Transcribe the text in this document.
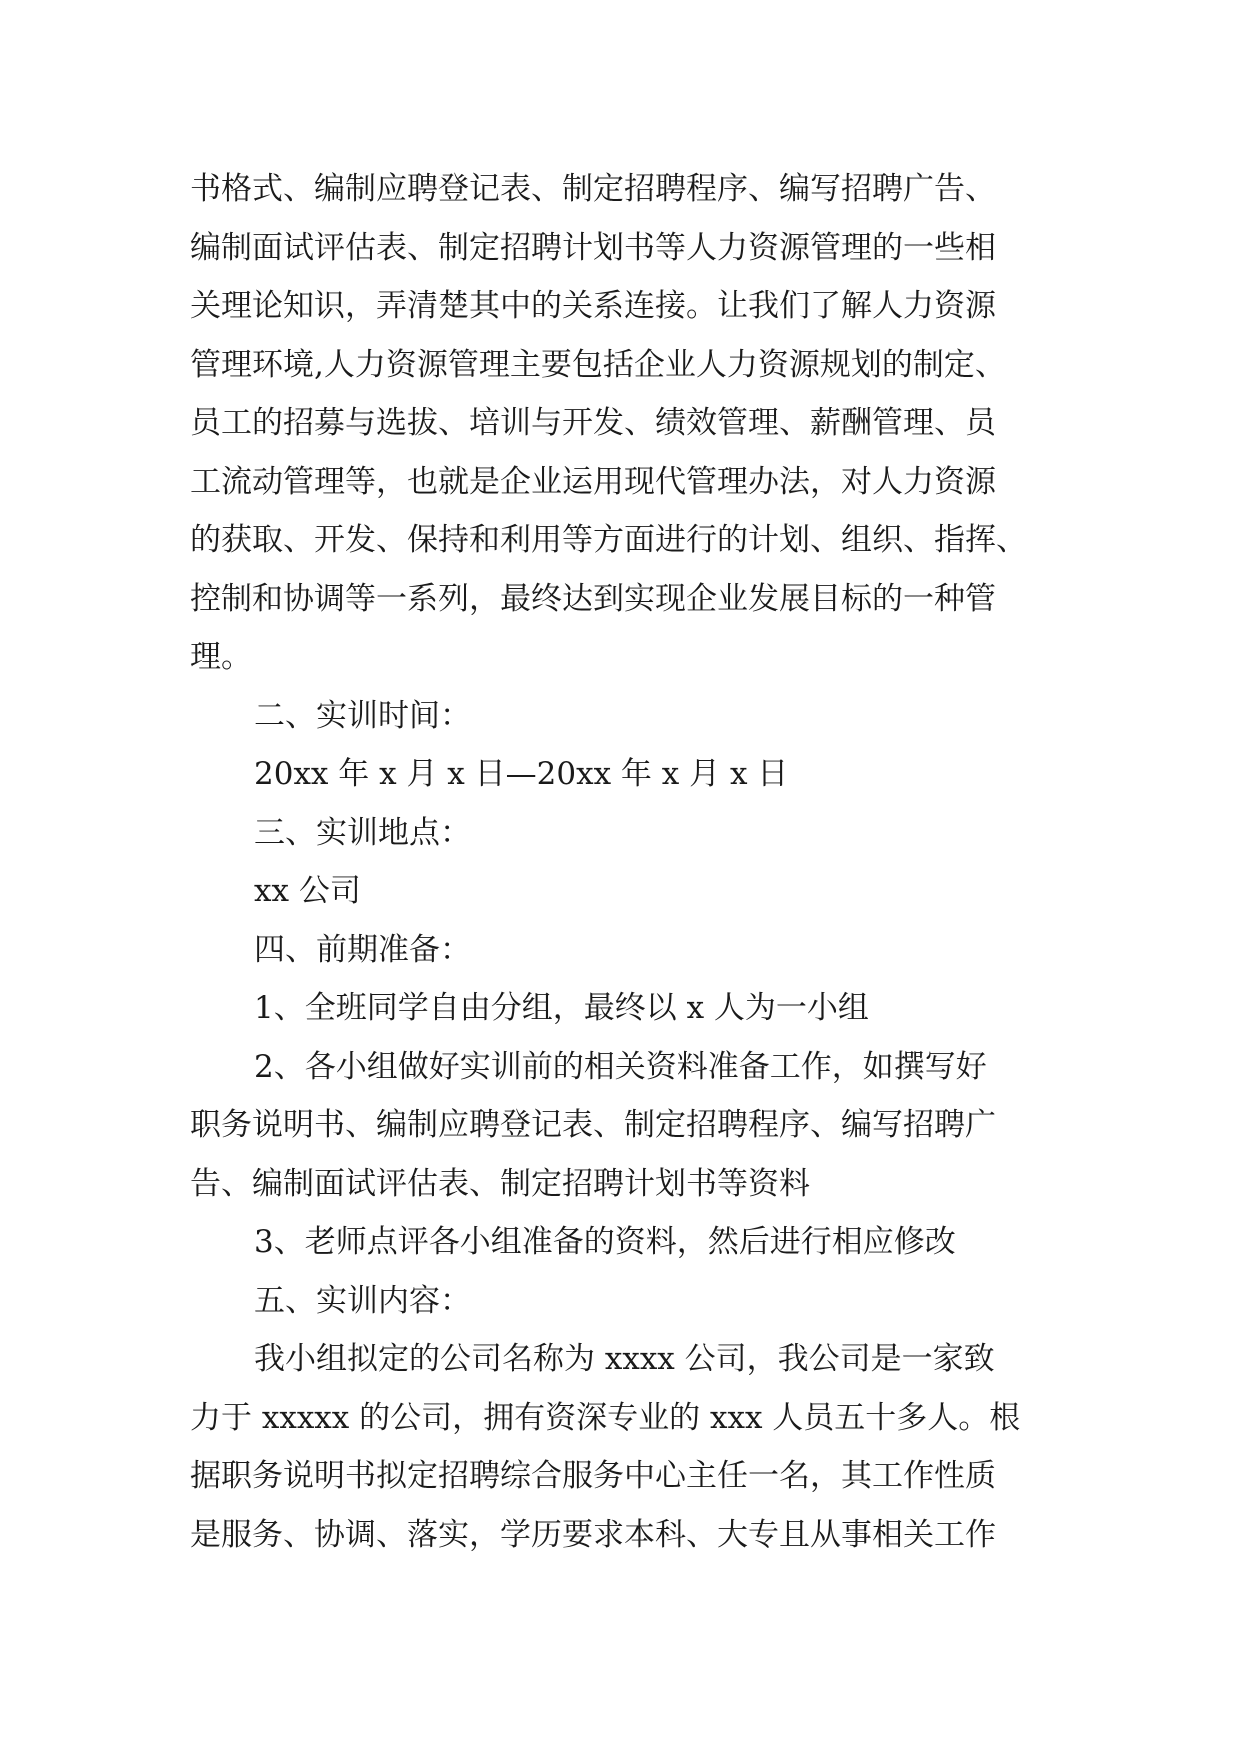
书格式、编制应聘登记表、制定招聘程序、编写招聘广告、

编制面试评估表、制定招聘计划书等人力资源管理的一些相

关理论知识，弄清楚其中的关系连接。让我们了解人力资源

管理环境,人力资源管理主要包括企业人力资源规划的制定、

员工的招募与选拔、培训与开发、绩效管理、薪酬管理、员

工流动管理等，也就是企业运用现代管理办法，对人力资源

的获取、开发、保持和利用等方面进行的计划、组织、指挥、

控制和协调等一系列，最终达到实现企业发展目标的一种管

理。

二、实训时间：

20xx 年 x 月 x 日—20xx 年 x 月 x 日

三、实训地点：

xx 公司

四、前期准备：

1、全班同学自由分组，最终以 x 人为一小组

2、各小组做好实训前的相关资料准备工作，如撰写好

职务说明书、编制应聘登记表、制定招聘程序、编写招聘广

告、编制面试评估表、制定招聘计划书等资料

3、老师点评各小组准备的资料，然后进行相应修改

五、实训内容：

我小组拟定的公司名称为 xxxx 公司，我公司是一家致

力于 xxxxx 的公司，拥有资深专业的 xxx 人员五十多人。根

据职务说明书拟定招聘综合服务中心主任一名，其工作性质

是服务、协调、落实，学历要求本科、大专且从事相关工作
